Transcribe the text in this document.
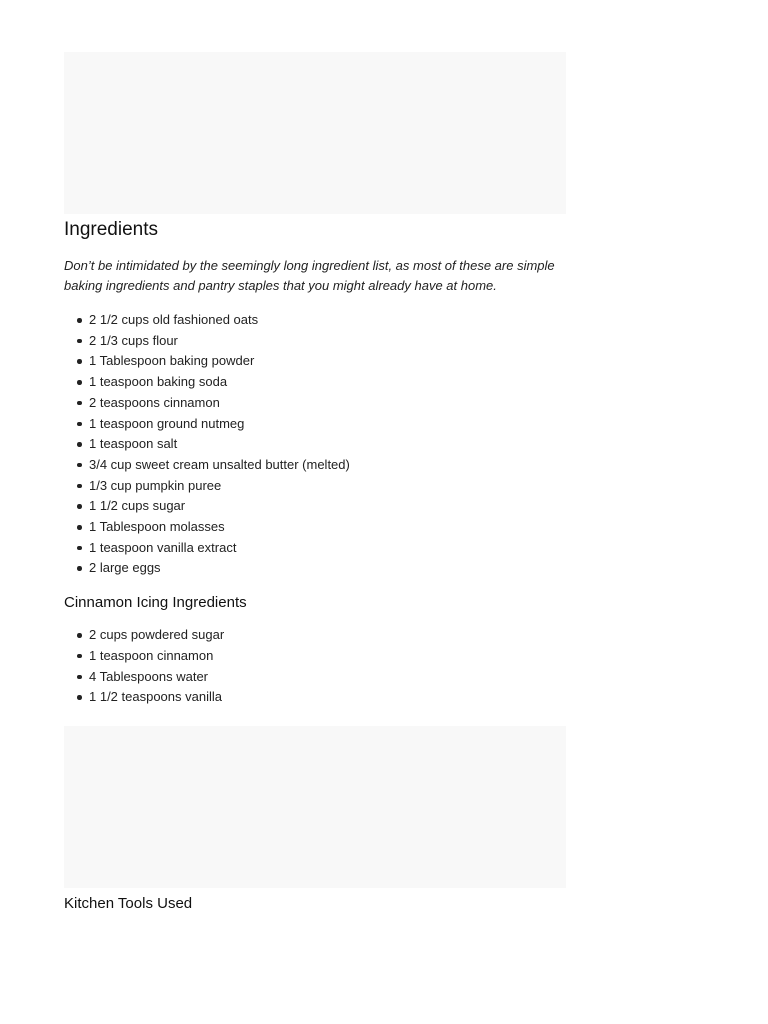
Ingredients

Don’t be intimidated by the seemingly long ingredient list, as most of these are simple baking ingredients and pantry staples that you might already have at home.

2 1/2 cups old fashioned oats
2 1/3 cups flour
1 Tablespoon baking powder
1 teaspoon baking soda
2 teaspoons cinnamon
1 teaspoon ground nutmeg
1 teaspoon salt
3/4 cup sweet cream unsalted butter (melted)
1/3 cup pumpkin puree
1 1/2 cups sugar
1 Tablespoon molasses
1 teaspoon vanilla extract
2 large eggs
Cinnamon Icing Ingredients
2 cups powdered sugar
1 teaspoon cinnamon
4 Tablespoons water
1 1/2 teaspoons vanilla
Kitchen Tools Used
